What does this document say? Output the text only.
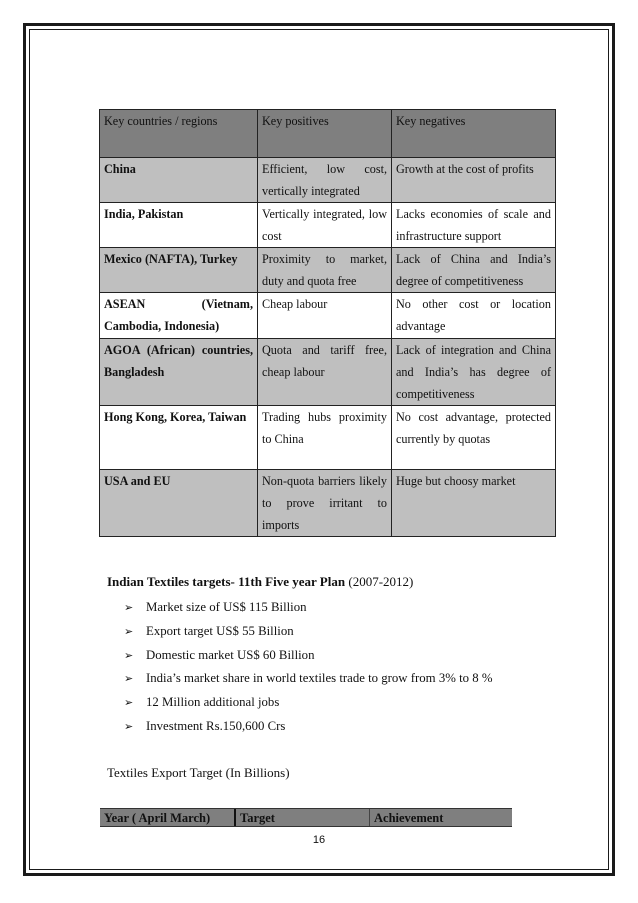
Key countries / regions	Key positives	Key negatives
China	Efficient, low cost, vertically integrated	Growth at the cost of profits
India, Pakistan	Vertically integrated, low cost	Lacks economies of scale and infrastructure support
Mexico (NAFTA), Turkey	Proximity to market, duty and quota free	Lack of China and India’s degree of competitiveness
ASEAN (Vietnam, Cambodia, Indonesia)	Cheap labour	No other cost or location advantage
AGOA (African) countries, Bangladesh	Quota and tariff free, cheap labour	Lack of integration and China and India’s has degree of competitiveness
Hong Kong, Korea, Taiwan	Trading hubs proximity to China	No cost advantage, protected currently by quotas
USA and EU	Non-quota barriers likely to prove irritant to imports	Huge but choosy market
Indian Textiles targets- 11th Five year Plan (2007-2012)
➢ Market size of US$ 115 Billion
➢ Export target US$ 55 Billion
➢ Domestic market US$ 60 Billion
➢ India’s market share in world textiles trade to grow from 3% to 8 %
➢ 12 Million additional jobs
➢ Investment Rs.150,600 Crs
Textiles Export Target (In Billions)
Year ( April March)	Target	Achievement
16
